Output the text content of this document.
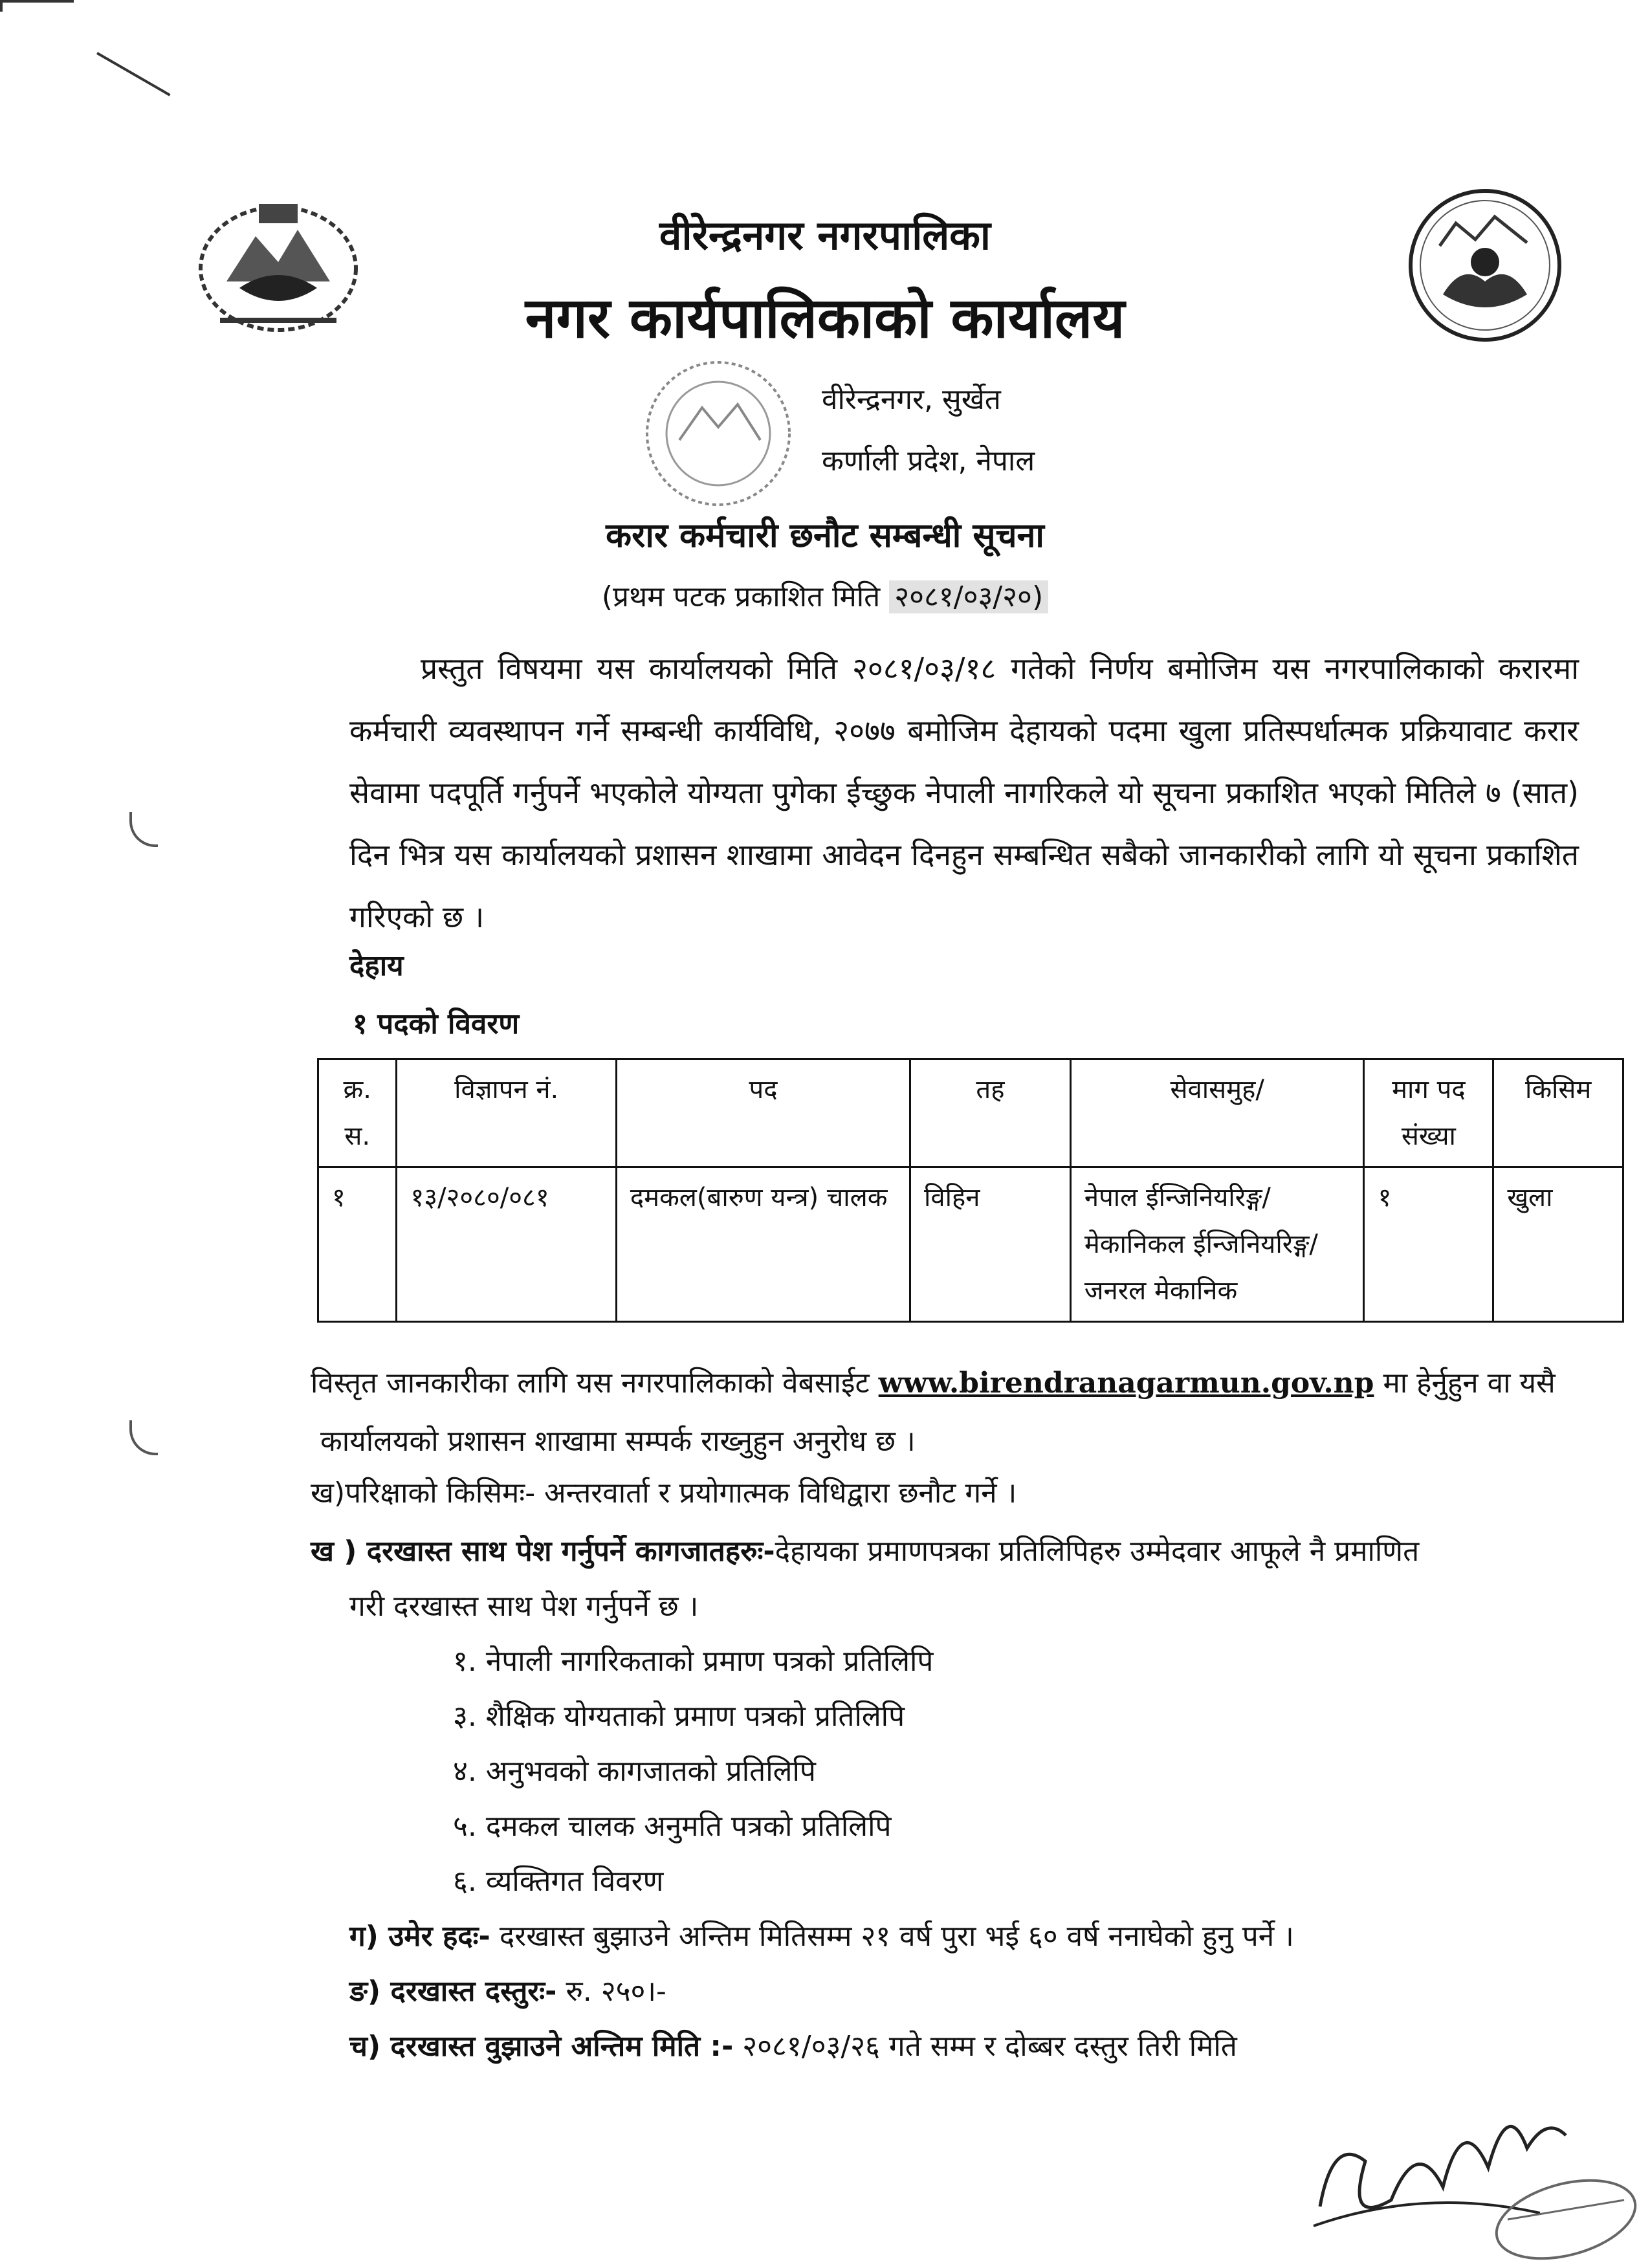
वीरेन्द्रनगर नगरपालिका
नगर कार्यपालिकाको कार्यालय
वीरेन्द्रनगर, सुर्खेत
कर्णाली प्रदेश, नेपाल
करार कर्मचारी छनौट सम्बन्धी सूचना
(प्रथम पटक प्रकाशित मिति २०८१/०३/२०)

प्रस्तुत विषयमा यस कार्यालयको मिति २०८१/०३/१८ गतेको निर्णय बमोजिम यस नगरपालिकाको करारमा कर्मचारी व्यवस्थापन गर्ने सम्बन्धी कार्यविधि, २०७७ बमोजिम देहायको पदमा खुला प्रतिस्पर्धात्मक प्रक्रियावाट करार सेवामा पदपूर्ति गर्नुपर्ने भएकोले योग्यता पुगेका ईच्छुक नेपाली नागरिकले यो सूचना प्रकाशित भएको मितिले ७ (सात) दिन भित्र यस कार्यालयको प्रशासन शाखामा आवेदन दिनहुन सम्बन्धित सबैको जानकारीको लागि यो सूचना प्रकाशित गरिएको छ ।

देहाय
१ पदको विवरण
क्र. स.	विज्ञापन नं.	पद	तह	सेवासमुह/	माग पद संख्या	किसिम
१	१३/२०८०/०८१	दमकल(बारुण यन्त्र) चालक	विहिन	नेपाल ईन्जिनियरिङ्ग/ मेकानिकल ईन्जिनियरिङ्ग/ जनरल मेकानिक	१	खुला
विस्तृत जानकारीका लागि यस नगरपालिकाको वेबसाईट www.birendranagarmun.gov.np मा हेर्नुहुन वा यसै
कार्यालयको प्रशासन शाखामा सम्पर्क राख्नुहुन अनुरोध छ ।
ख)परिक्षाको किसिमः- अन्तरवार्ता र प्रयोगात्मक विधिद्वारा छनौट गर्ने ।
ख ) दरखास्त साथ पेश गर्नुपर्ने कागजातहरुः-देहायका प्रमाणपत्रका प्रतिलिपिहरु उम्मेदवार आफूले नै प्रमाणित
गरी दरखास्त साथ पेश गर्नुपर्ने छ ।
१. नेपाली नागरिकताको प्रमाण पत्रको प्रतिलिपि
३. शैक्षिक योग्यताको प्रमाण पत्रको प्रतिलिपि
४. अनुभवको कागजातको प्रतिलिपि
५. दमकल चालक अनुमति पत्रको प्रतिलिपि
६. व्यक्तिगत विवरण
ग) उमेर हदः- दरखास्त बुझाउने अन्तिम मितिसम्म २१ वर्ष पुरा भई ६० वर्ष ननाघेको हुनु पर्ने ।
ङ) दरखास्त दस्तुरः- रु. २५०।-
च) दरखास्त वुझाउने अन्तिम मिति :- २०८१/०३/२६ गते सम्म र दोब्बर दस्तुर तिरी मिति
